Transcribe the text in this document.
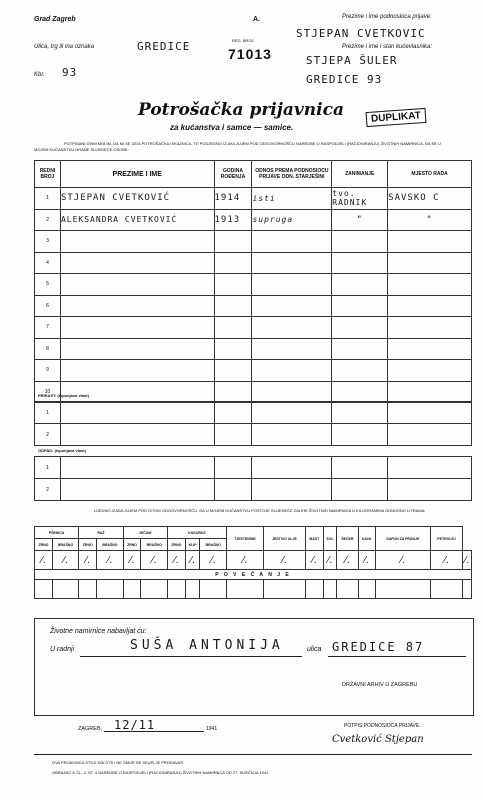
Grad Zagreb	A.
REG. BROJ
71013
Ulica, trg ili ina oznaka	GREDICE
Kbr. 93
Prezime i ime podnosioca prijave:
STJEPAN CVETKOVIC
Prezime i ime i stan kućevlasnika:
STJEPA ŠULER
GREDICE 93
Potrošačka prijavnica
za kućanstva i samce — samice.
DUPLIKAT
POTPISANI OVIM MOLIM, DA MI SE IZDA POTROŠAČKA ISKAZNICA, TE PODJEDNO IZJAVLJUJEM POD ODGOVORNOŠĆU NAREDBE O RASPODJELI (RACIONIRANJU) ŽIVOTNIH NAMIRNICA, DA SE U MOJEM KUĆANSTVU HRANE SLIJEDEĆE OSOBE:
REDNI BROJ	PREZIME I IME	GODINA ROĐENJA	ODNOS PREMA PODNOSIOCU PRIJAVE ODN. STARJEŠINI	ZANIMANJE	MJESTO RADA
1	STJEPAN CVETKOVIĆ	1914	isti	tvo. RADNIK	SAVSKO C
2	ALEKSANDRA CVETKOVIĆ	1913	supruga	"	"
3					
4					
5					
6					
7					
8					
9					
10					
PRIRAST: (ispunjava vlast)
1					
2					
ODPAD: (ispunjava vlast)
1					
2					
UJEDNO IZJAVLJUJEM POD ISTOM ODGOVORNOŠĆU, DA U MOJEM KUĆANSTVU POSTOJE SLIJEDEĆE ZALIHE ŽIVOTNIH NAMIRNICA U KILOGRAMIMA ODNOSNO LITRAMA:
PŠENICA		RAŽ		JEČAM		KUKURUZ			TJESTENINE	JESTIVO ULJE	MAST	SOL	ŠEĆER	KAVA	SAPUN ZA PRANJE	PETROLEJ	
ZRNO	BRAŠNO	ZRNO	BRAŠNO	ZRNO	BRAŠNO	ZRNO	KLIP	BRAŠNO									
⁄.	⁄.	⁄.	⁄.	⁄.	⁄.	⁄.	⁄.	⁄.	⁄.	⁄.	⁄.	⁄.	⁄.	⁄.	⁄.	⁄.	⁄.
P O V E Ć A N J E																	

Životne namirnice nabavljat ću:
U radnji	SUŠA ANTONIJA	ulica GREDICE 87
DRŽAVNI ARHIV U ZAGREBU
ZAGREB, 12/11	1941	POTPIS PODNOSIOCA PRIJAVE:
Cvetković Stjepan
OVA PRIJAVNICA STOJI DIN 0'75 I NE SMIJE SE SKUPLJE PRODAVATI.
OBRAZAC K ČL. 2. ST. 4 NAREDBE O RASPODJELI (RACIONIRANJU) ŽIVOTNIH NAMIRNICA OD 27. SIJEČNJA 1941.
